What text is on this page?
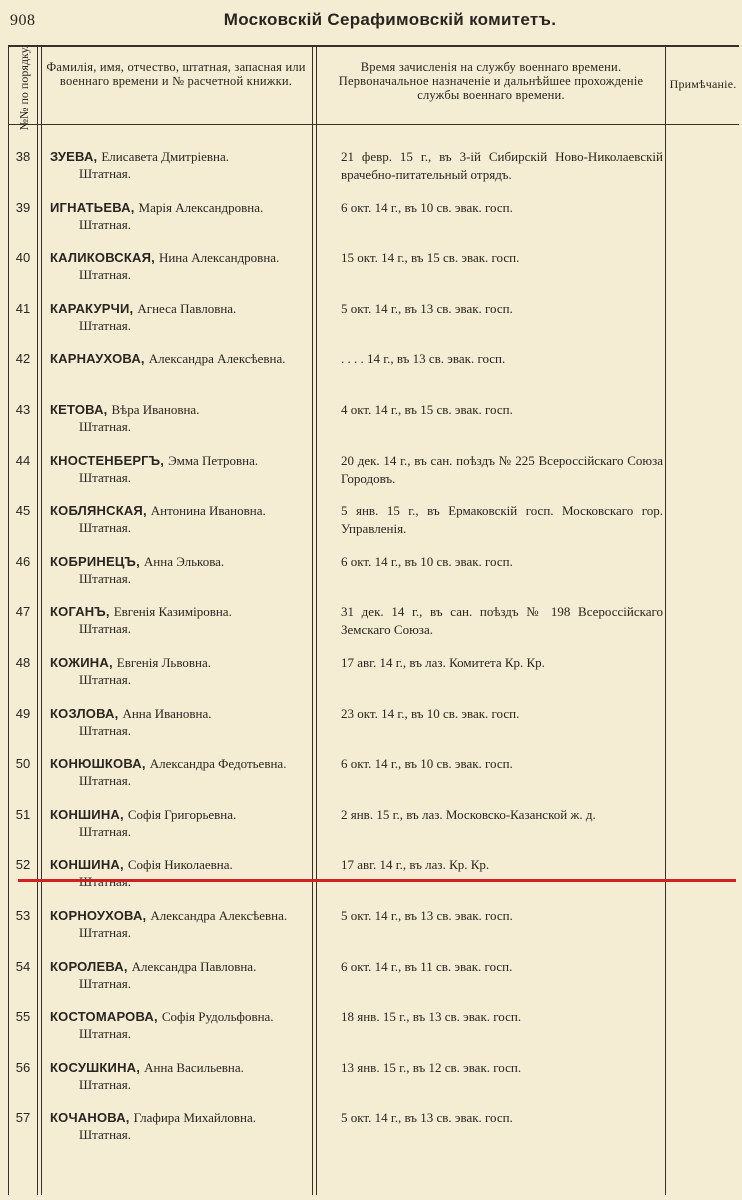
908	Московскій Серафимовскій комитетъ.
№№ по порядку. Фамилія, имя, отчество, штатная, запасная или военнаго времени и № расчетной книжки.
Время зачисленія на службу военнаго времени. Первоначальное назначеніе и дальнѣйшее прохожденіе службы военнаго времени.
Примѣчаніе.
38	ЗУЕВА, Елисавета Дмитріевна.
Штатная.
21 февр. 15 г., въ 3-ій Сибирскій Ново-Николаевскій врачебно-питательный отрядъ.
39	ИГНАТЬЕВА, Марія Александровна.
Штатная.
6 окт. 14 г., въ 10 св. эвак. госп.
40	КАЛИКОВСКАЯ, Нина Александровна.
Штатная.
15 окт. 14 г., въ 15 св. эвак. госп.
41	КАРАКУРЧИ, Агнеса Павловна.
Штатная.
5 окт. 14 г., въ 13 св. эвак. госп.
42	КАРНАУХОВА, Александра Алексѣевна.	. . . . 14 г., въ 13 св. эвак. госп.
43	КЕТОВА, Вѣра Ивановна.
Штатная.
4 окт. 14 г., въ 15 св. эвак. госп.
44	КНОСТЕНБЕРГЪ, Эмма Петровна.
Штатная.
20 дек. 14 г., въ сан. поѣздъ № 225 Всероссійскаго Союза Городовъ.
45	КОБЛЯНСКАЯ, Антонина Ивановна.
Штатная.
5 янв. 15 г., въ Ермаковскій госп. Московскаго гор. Управленія.
46	КОБРИНЕЦЪ, Анна Элькова.
Штатная.
6 окт. 14 г., въ 10 св. эвак. госп.
47	КОГАНЪ, Евгенія Казиміровна.
Штатная.
31 дек. 14 г., въ сан. поѣздъ № 198 Всероссійскаго Земскаго Союза.
48	КОЖИНА, Евгенія Львовна.
Штатная.
17 авг. 14 г., въ лаз. Комитета Кр. Кр.
49	КОЗЛОВА, Анна Ивановна.
Штатная.
23 окт. 14 г., въ 10 св. эвак. госп.
50	КОНЮШКОВА, Александра Федотьевна.
Штатная.
6 окт. 14 г., въ 10 св. эвак. госп.
51	КОНШИНА, Софія Григорьевна.
Штатная.
2 янв. 15 г., въ лаз. Московско-Казанской ж. д.
52	КОНШИНА, Софія Николаевна.	17 авг. 14 г., въ лаз. Кр. Кр.
53	КОРНОУХОВА, Александра Алексѣевна.
Штатная.
5 окт. 14 г., въ 13 св. эвак. госп.
54	КОРОЛЕВА, Александра Павловна.
Штатная.
6 окт. 14 г., въ 11 св. эвак. госп.
55	КОСТОМАРОВА, Софія Рудольфовна.
Штатная.
18 янв. 15 г., въ 13 св. эвак. госп.
56	КОСУШКИНА, Анна Васильевна.
Штатная.
13 янв. 15 г., въ 12 св. эвак. госп.
57	КОЧАНОВА, Глафира Михайловна.
Штатная.
5 окт. 14 г., въ 13 св. эвак. госп.
